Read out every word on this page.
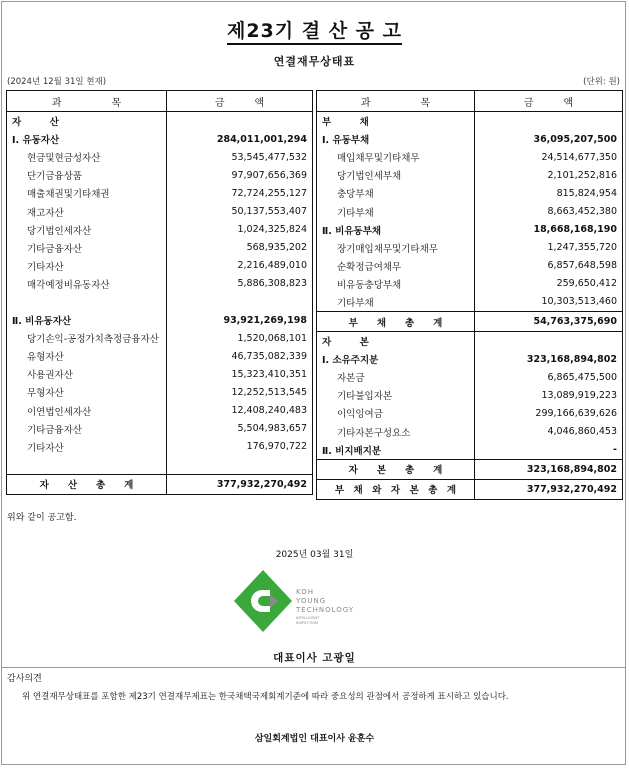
제23기 결 산 공 고
연결재무상태표
(2024년 12월 31일 현재)	(단위: 원)
과　　　　　목	금　　　액
자　　　산	
Ⅰ. 유동자산	284,011,001,294
현금및현금성자산	53,545,477,532
단기금융상품	97,907,656,369
매출채권및기타채권	72,724,255,127
재고자산	50,137,553,407
당기법인세자산	1,024,325,824
기타금융자산	568,935,202
기타자산	2,216,489,010
매각예정비유동자산	5,886,308,823

Ⅱ. 비유동자산	93,921,269,198
당기손익-공정가치측정금융자산	1,520,068,101
유형자산	46,735,082,339
사용권자산	15,323,410,351
무형자산	12,252,513,545
이연법인세자산	12,408,240,483
기타금융자산	5,504,983,657
기타자산	176,970,722

자　　산　　총　　계	377,932,270,492
과　　　　　목	금　　　액
부　　　채	
Ⅰ. 유동부채	36,095,207,500
매입채무및기타채무	24,514,677,350
당기법인세부채	2,101,252,816
충당부채	815,824,954
기타부채	8,663,452,380
Ⅱ. 비유동부채	18,668,168,190
장기매입채무및기타채무	1,247,355,720
순확정급여채무	6,857,648,598
비유동충당부채	259,650,412
기타부채	10,303,513,460
부　　채　　총　　계	54,763,375,690
자　　　본	
Ⅰ. 소유주지분	323,168,894,802
자본금	6,865,475,500
기타불입자본	13,089,919,223
이익잉여금	299,166,639,626
기타자본구성요소	4,046,860,453
Ⅱ. 비지배지분	-
자　　본　　총　　계	323,168,894,802
부　채　와　자　본　총　계	377,932,270,492
위와 같이 공고함.
2025년 03월 31일
KOH
YOUNG
TECHNOLOGY
INTELLIGENT
INSPECTION
대표이사 고광일
감사의견
위 연결재무상태표를 포함한 제23기 연결재무제표는 한국채택국제회계기준에 따라 중요성의 관점에서 공정하게 표시하고 있습니다.
삼일회계법인 대표이사 윤훈수
